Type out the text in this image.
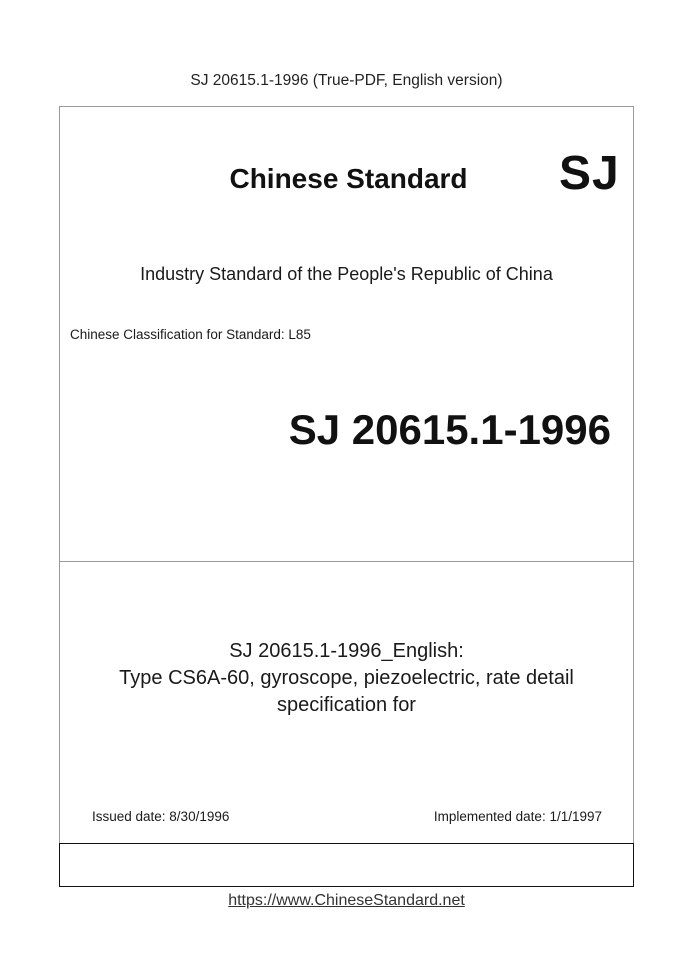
SJ 20615.1-1996 (True-PDF, English version)
Chinese Standard	SJ
Industry Standard of the People's Republic of China
Chinese Classification for Standard: L85
SJ 20615.1-1996
SJ 20615.1-1996_English:
Type CS6A-60, gyroscope, piezoelectric, rate detail
specification for
Issued date: 8/30/1996	Implemented date: 1/1/1997
https://www.ChineseStandard.net
